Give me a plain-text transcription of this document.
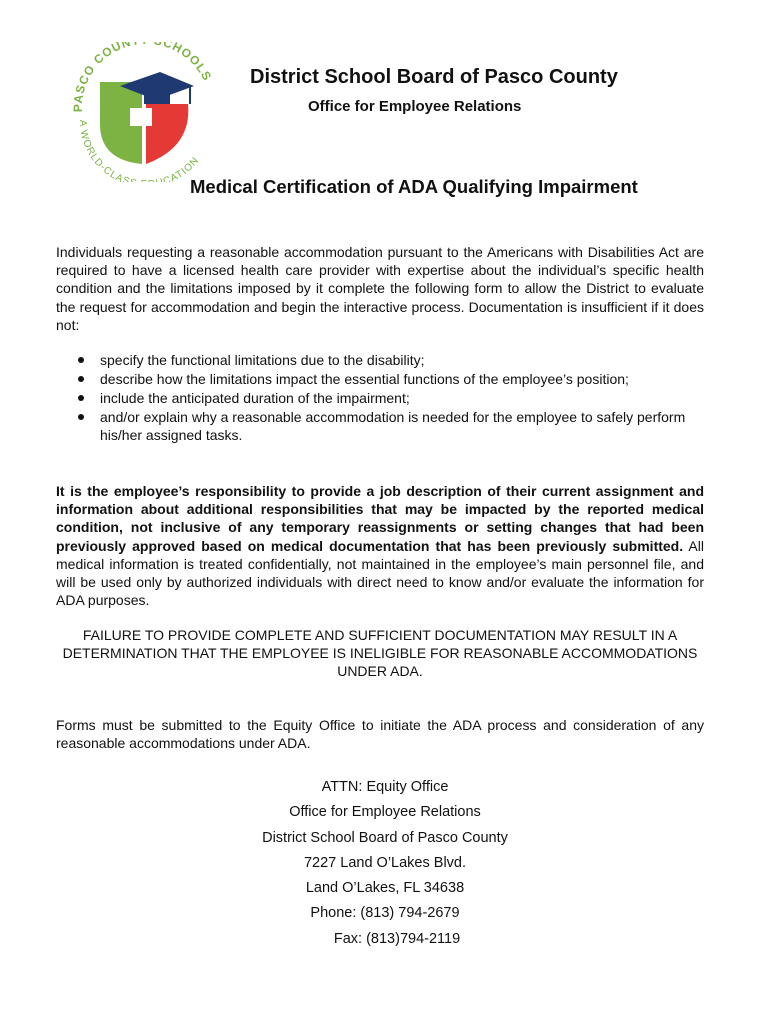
PASCO COUN CHOOLS
A WORLD-CLAS CATION
District School Board of Pasco County
Office for Employee Relations
Medical Certification of ADA Qualifying Impairment
Individuals requesting a reasonable accommodation pursuant to the Americans with Disabilities Act are required to have a licensed health care provider with expertise about the individual’s specific health condition and the limitations imposed by it complete the following form to allow the District to evaluate the request for accommodation and begin the interactive process. Documentation is insufficient if it does not:
specify the functional limitations due to the disability;
describe how the limitations impact the essential functions of the employee’s position;
include the anticipated duration of the impairment;
and/or explain why a reasonable accommodation is needed for the employee to safely perform his/her assigned tasks.
It is the employee’s responsibility to provide a job description of their current assignment and information about additional responsibilities that may be impacted by the reported medical condition, not inclusive of any temporary reassignments or setting changes that had been previously approved based on medical documentation that has been previously submitted. All medical information is treated confidentially, not maintained in the employee’s main personnel file, and will be used only by authorized individuals with direct need to know and/or evaluate the information for ADA purposes.
FAILURE TO PROVIDE COMPLETE AND SUFFICIENT DOCUMENTATION MAY RESULT IN A DETERMINATION THAT THE EMPLOYEE IS INELIGIBLE FOR REASONABLE ACCOMMODATIONS UNDER ADA.
Forms must be submitted to the Equity Office to initiate the ADA process and consideration of any reasonable accommodations under ADA.
ATTN: Equity Office
Office for Employee Relations
District School Board of Pasco County
7227 Land O’Lakes Blvd.
Land O’Lakes, FL 34638
Phone: (813) 794-2679
Fax: (813)794-2119
